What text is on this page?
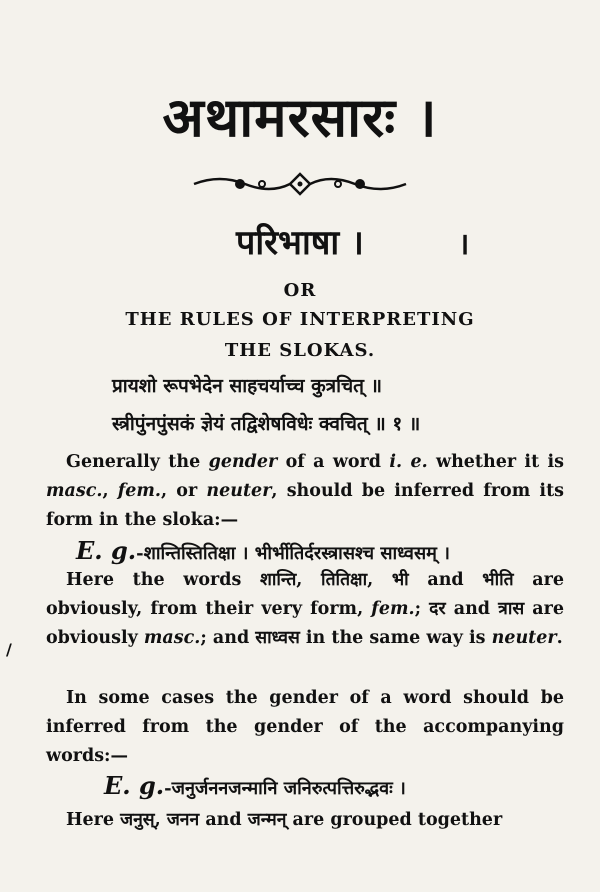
अथामरसारः ।
परिभाषा ।	।
OR
THE RULES OF INTERPRETING
THE SLOKAS.
प्रायशो रूपभेदेन साहचर्याच्च कुत्रचित् ॥
स्त्रीपुंनपुंसकं ज्ञेयं तद्विशेषविधेः क्वचित् ॥ १ ॥
Generally the gender of a word i. e. whether it is masc., fem., or neuter, should be inferred from its form in the sloka:—
E. g.-शान्तिस्तितिक्षा । भीर्भीतिर्दरस्त्रासश्च साध्वसम् ।
Here the words शान्ति, तितिक्षा, भी and भीति are obviously, from their very form, fem.; दर and त्रास are obviously masc.; and साध्वस in the same way is neuter.
/
In some cases the gender of a word should be inferred from the gender of the accompanying words:—
E. g.-जनुर्जननजन्मानि जनिरुत्पत्तिरुद्भवः ।
Here जनुस्, जनन and जन्मन् are grouped together
